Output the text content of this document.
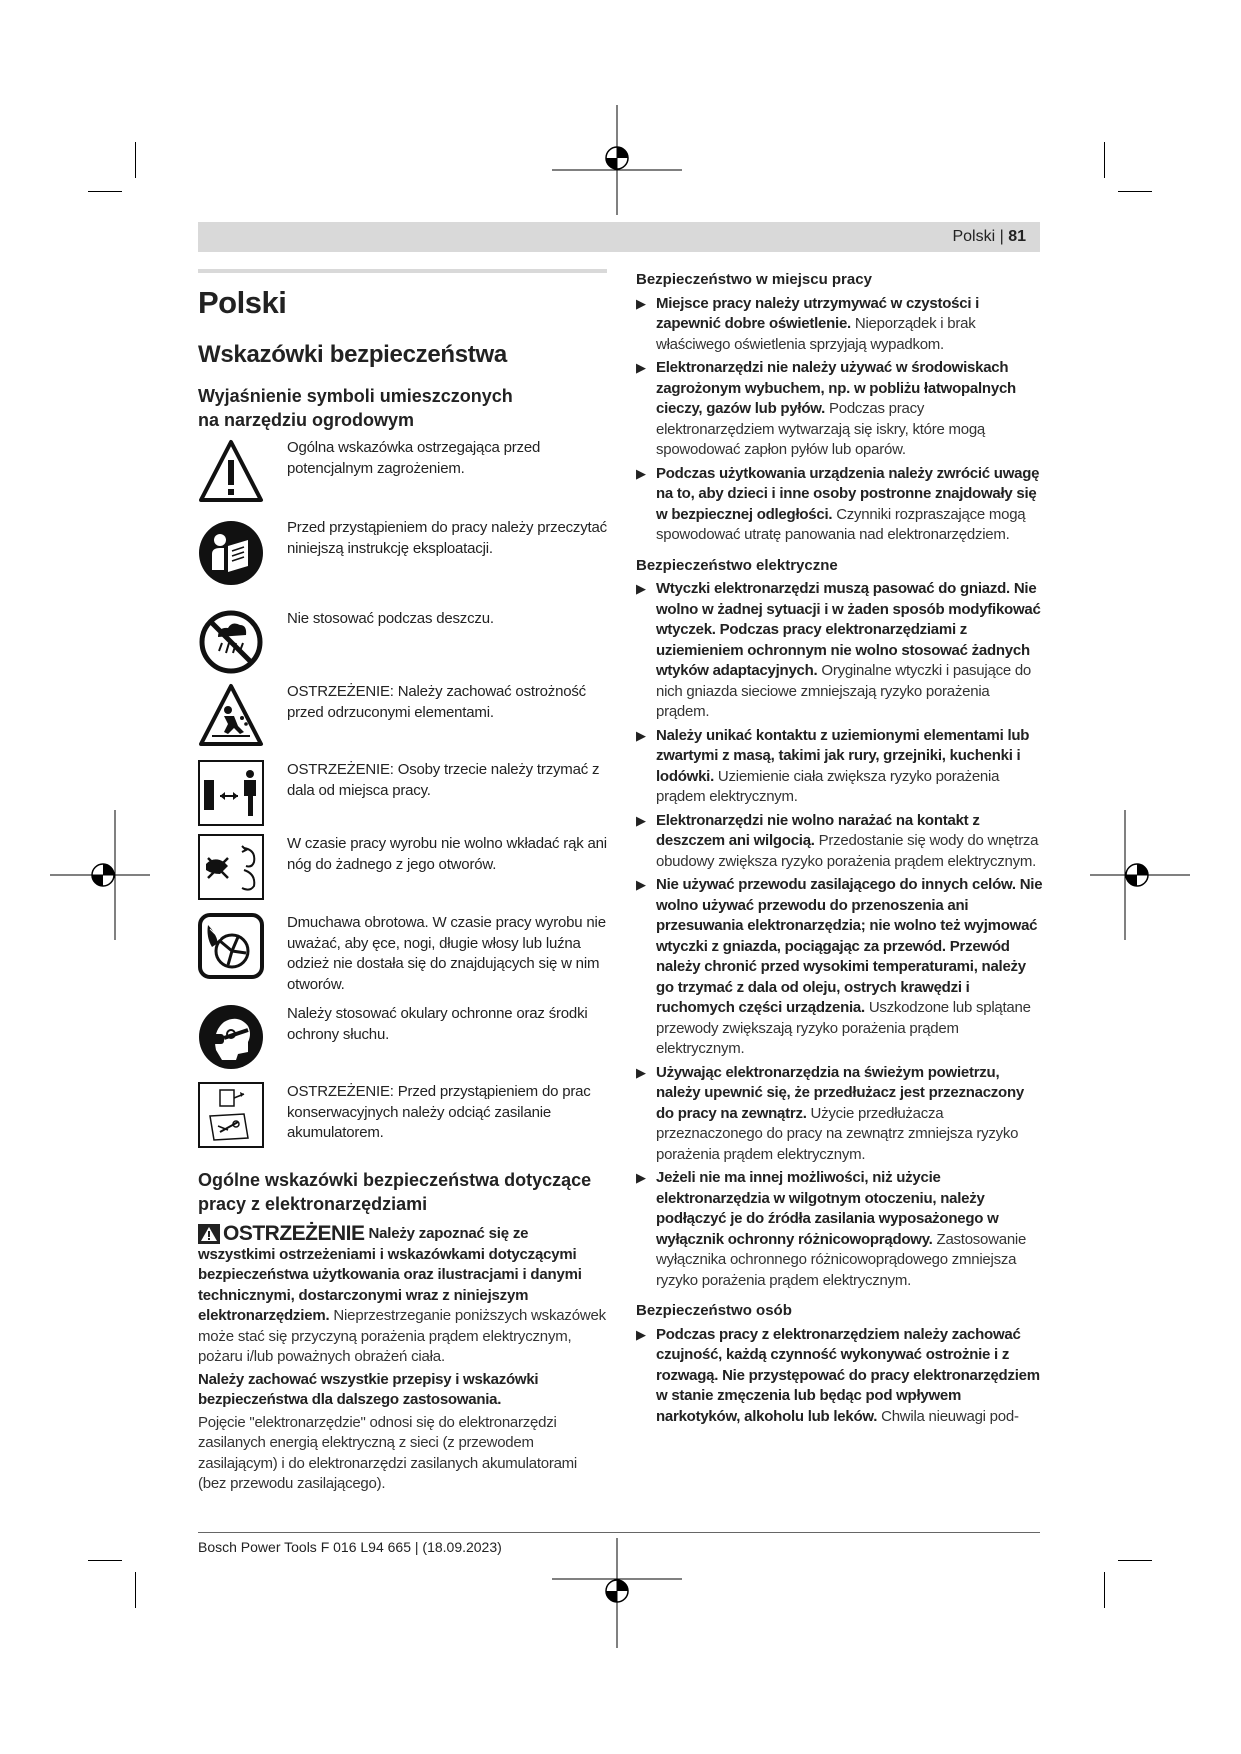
Polski | 81
Polski
Wskazówki bezpieczeństwa
Wyjaśnienie symboli umieszczonych na narzędziu ogrodowym
Ogólna wskazówka ostrzegająca przed potencjalnym zagrożeniem.
Przed przystąpieniem do pracy należy przeczytać niniejszą instrukcję eksploatacji.
Nie stosować podczas deszczu.
OSTRZEŻENIE: Należy zachować ostrożność przed odrzuconymi elementami.
OSTRZEŻENIE: Osoby trzecie należy trzymać z dala od miejsca pracy.
W czasie pracy wyrobu nie wolno wkładać rąk ani nóg do żadnego z jego otworów.
Dmuchawa obrotowa. W czasie pracy wyrobu nie uważać, aby ęce, nogi, długie włosy lub luźna odzież nie dostała się do znajdujących się w nim otworów.
Należy stosować okulary ochronne oraz środki ochrony słuchu.
OSTRZEŻENIE: Przed przystąpieniem do prac konserwacyjnych należy odciąć zasilanie akumulatorem.
Ogólne wskazówki bezpieczeństwa dotyczące pracy z elektronarzędziami
OSTRZEŻENIE Należy zapoznać się ze wszystkimi ostrzeżeniami i wskazówkami dotyczącymi bezpieczeństwa użytkowania oraz ilustracjami i danymi technicznymi, dostarczonymi wraz z niniejszym elektronarzędziem. Nieprzestrzeganie poniższych wskazówek może stać się przyczyną porażenia prądem elektrycznym, pożaru i/lub poważnych obrażeń ciała.

Należy zachować wszystkie przepisy i wskazówki bezpieczeństwa dla dalszego zastosowania.

Pojęcie "elektronarzędzie" odnosi się do elektronarzędzi zasilanych energią elektryczną z sieci (z przewodem zasilającym) i do elektronarzędzi zasilanych akumulatorami (bez przewodu zasilającego).

Bezpieczeństwo w miejscu pracy

▶ Miejsce pracy należy utrzymywać w czystości i zapewnić dobre oświetlenie. Nieporządek i brak właściwego oświetlenia sprzyjają wypadkom.
▶ Elektronarzędzi nie należy używać w środowiskach zagrożonym wybuchem, np. w pobliżu łatwopalnych cieczy, gazów lub pyłów. Podczas pracy elektronarzędziem wytwarzają się iskry, które mogą spowodować zapłon pyłów lub oparów.
▶ Podczas użytkowania urządzenia należy zwrócić uwagę na to, aby dzieci i inne osoby postronne znajdowały się w bezpiecznej odległości. Czynniki rozpraszające mogą spowodować utratę panowania nad elektronarzędziem.

Bezpieczeństwo elektryczne

▶ Wtyczki elektronarzędzi muszą pasować do gniazd. Nie wolno w żadnej sytuacji i w żaden sposób modyfikować wtyczek. Podczas pracy elektronarzędziami z uziemieniem ochronnym nie wolno stosować żadnych wtyków adaptacyjnych. Oryginalne wtyczki i pasujące do nich gniazda sieciowe zmniejszają ryzyko porażenia prądem.
▶ Należy unikać kontaktu z uziemionymi elementami lub zwartymi z masą, takimi jak rury, grzejniki, kuchenki i lodówki. Uziemienie ciała zwiększa ryzyko porażenia prądem elektrycznym.
▶ Elektronarzędzi nie wolno narażać na kontakt z deszczem ani wilgocią. Przedostanie się wody do wnętrza obudowy zwiększa ryzyko porażenia prądem elektrycznym.
▶ Nie używać przewodu zasilającego do innych celów. Nie wolno używać przewodu do przenoszenia ani przesuwania elektronarzędzia; nie wolno też wyjmować wtyczki z gniazda, pociągając za przewód. Przewód należy chronić przed wysokimi temperaturami, należy go trzymać z dala od oleju, ostrych krawędzi i ruchomych części urządzenia. Uszkodzone lub splątane przewody zwiększają ryzyko porażenia prądem elektrycznym.
▶ Używając elektronarzędzia na świeżym powietrzu, należy upewnić się, że przedłużacz jest przeznaczony do pracy na zewnątrz. Użycie przedłużacza przeznaczonego do pracy na zewnątrz zmniejsza ryzyko porażenia prądem elektrycznym.
▶ Jeżeli nie ma innej możliwości, niż użycie elektronarzędzia w wilgotnym otoczeniu, należy podłączyć je do źródła zasilania wyposażonego w wyłącznik ochronny różnicowoprądowy. Zastosowanie wyłącznika ochronnego różnicowoprądowego zmniejsza ryzyko porażenia prądem elektrycznym.

Bezpieczeństwo osób

▶ Podczas pracy z elektronarzędziem należy zachować czujność, każdą czynność wykonywać ostrożnie i z rozwagą. Nie przystępować do pracy elektronarzędziem w stanie zmęczenia lub będąc pod wpływem narkotyków, alkoholu lub leków. Chwila nieuwagi pod-
Bosch Power Tools F 016 L94 665 | (18.09.2023)
